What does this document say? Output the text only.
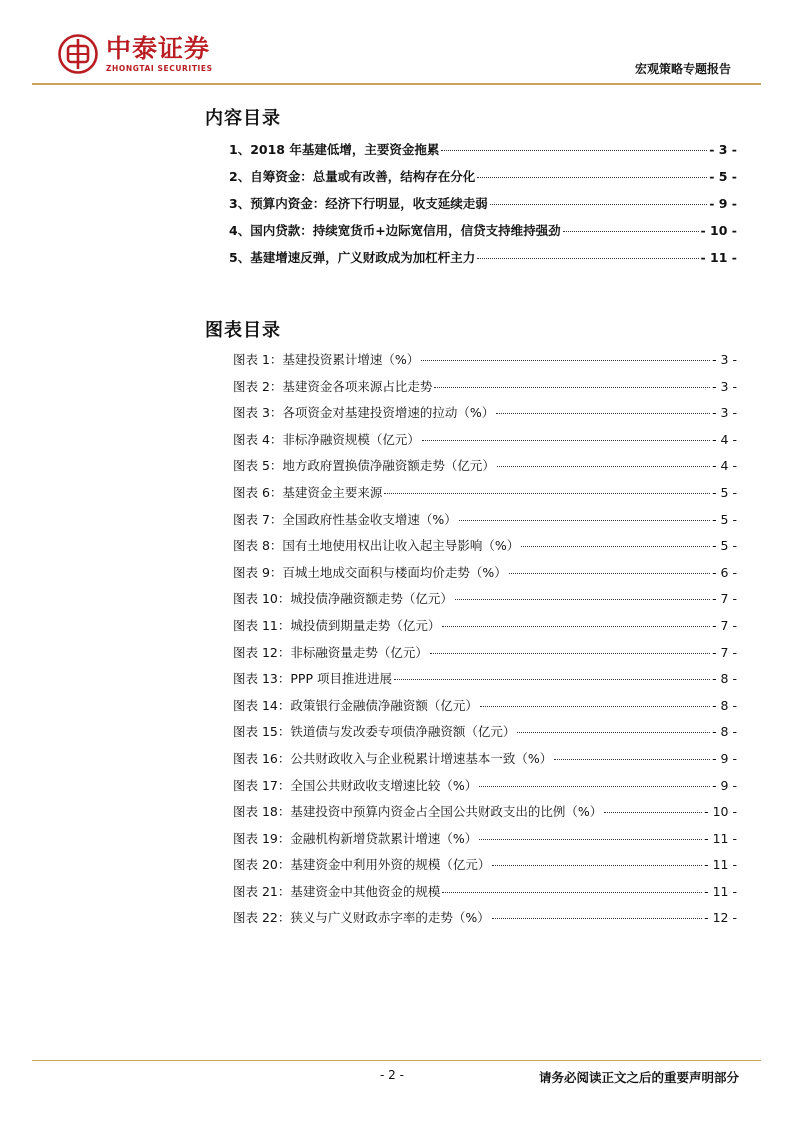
中泰证券
ZHONGTAI SECURITIES	宏观策略专题报告
内容目录
1、2018 年基建低增，主要资金拖累	- 3 -
2、自筹资金：总量或有改善，结构存在分化	- 5 -
3、预算内资金：经济下行明显，收支延续走弱	- 9 -
4、国内贷款：持续宽货币+边际宽信用，信贷支持维持强劲	- 10 -
5、基建增速反弹，广义财政成为加杠杆主力	- 11 -
图表目录
图表 1：基建投资累计增速（%）	- 3 -
图表 2：基建资金各项来源占比走势	- 3 -
图表 3：各项资金对基建投资增速的拉动（%）	- 3 -
图表 4：非标净融资规模（亿元）	- 4 -
图表 5：地方政府置换债净融资额走势（亿元）	- 4 -
图表 6：基建资金主要来源	- 5 -
图表 7：全国政府性基金收支增速（%）	- 5 -
图表 8：国有土地使用权出让收入起主导影响（%）	- 5 -
图表 9：百城土地成交面积与楼面均价走势（%）	- 6 -
图表 10：城投债净融资额走势（亿元）	- 7 -
图表 11：城投债到期量走势（亿元）	- 7 -
图表 12：非标融资量走势（亿元）	- 7 -
图表 13：PPP 项目推进进展	- 8 -
图表 14：政策银行金融债净融资额（亿元）	- 8 -
图表 15：铁道债与发改委专项债净融资额（亿元）	- 8 -
图表 16：公共财政收入与企业税累计增速基本一致（%）	- 9 -
图表 17：全国公共财政收支增速比较（%）	- 9 -
图表 18：基建投资中预算内资金占全国公共财政支出的比例（%）	- 10 -
图表 19：金融机构新增贷款累计增速（%）	- 11 -
图表 20：基建资金中利用外资的规模（亿元）	- 11 -
图表 21：基建资金中其他资金的规模	- 11 -
图表 22：狭义与广义财政赤字率的走势（%）	- 12 -
- 2 -	请务必阅读正文之后的重要声明部分
